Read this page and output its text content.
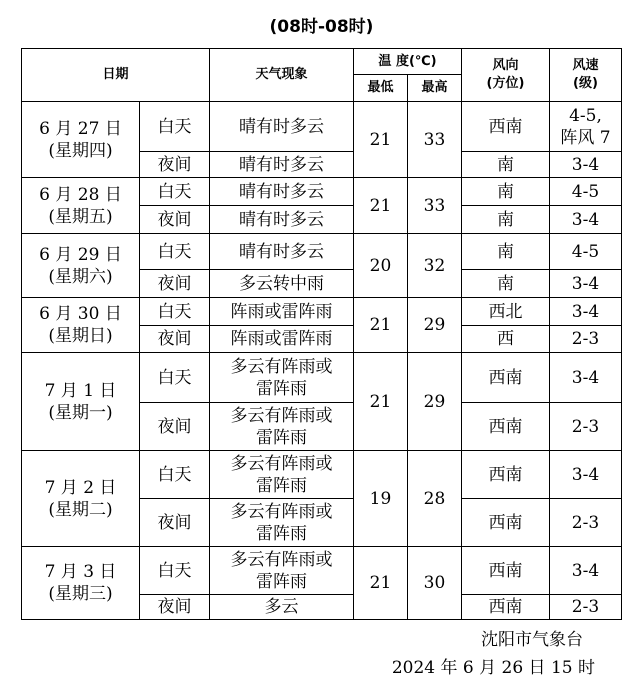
(08时-08时)
日期		天气现象	温 度(℃)		风向
(方位)	风速
(级)

			最低	最高		

6 月 27 日
(星期四)	白天	晴有时多云	21	33	西南	4-5,
阵风 7

	夜间	晴有时多云			南	3-4

6 月 28 日
(星期五)	白天	晴有时多云	21	33	南	4-5

	夜间	晴有时多云			南	3-4

6 月 29 日
(星期六)	白天	晴有时多云	20	32	南	4-5

	夜间	多云转中雨			南	3-4

6 月 30 日
(星期日)	白天	阵雨或雷阵雨	21	29	西北	3-4

	夜间	阵雨或雷阵雨			西	2-3

7 月 1 日
(星期一)	白天	多云有阵雨或
雷阵雨	21	29	西南	3-4

	夜间	多云有阵雨或
雷阵雨			西南	2-3

7 月 2 日
(星期二)	白天	多云有阵雨或
雷阵雨	19	28	西南	3-4

	夜间	多云有阵雨或
雷阵雨			西南	2-3

7 月 3 日
(星期三)	白天	多云有阵雨或
雷阵雨	21	30	西南	3-4

	夜间	多云			西南	2-3
沈阳市气象台
2024 年 6 月 26 日 15 时
